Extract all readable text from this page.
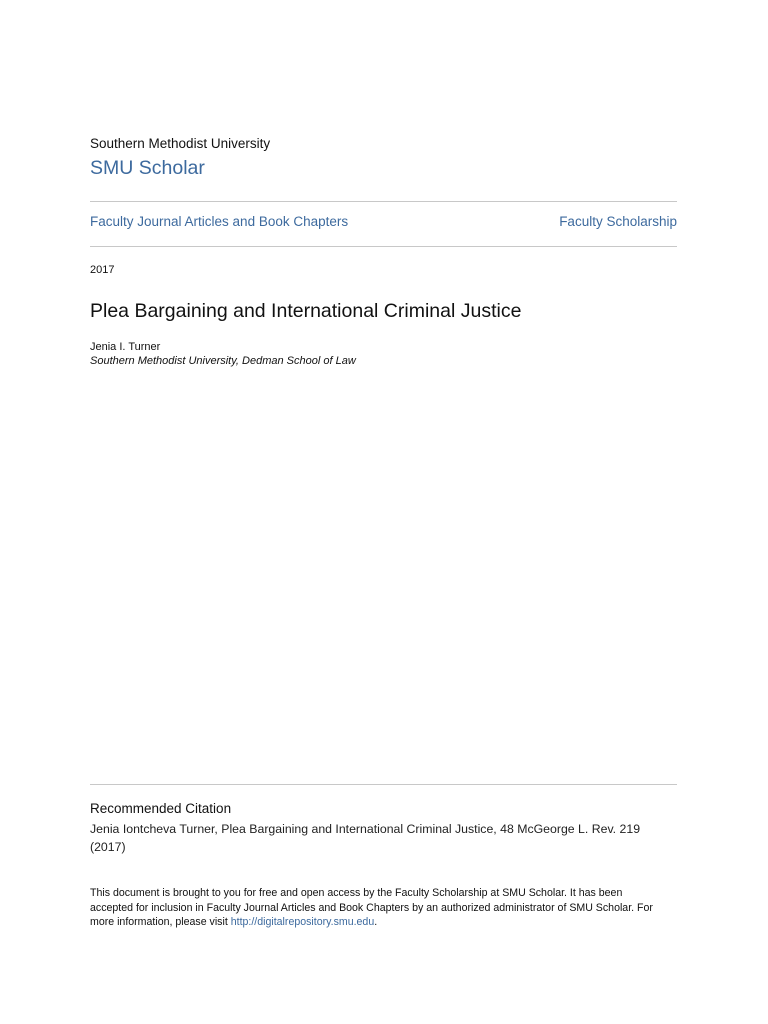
Southern Methodist University
SMU Scholar
Faculty Journal Articles and Book Chapters	Faculty Scholarship
2017
Plea Bargaining and International Criminal Justice
Jenia I. Turner
Southern Methodist University, Dedman School of Law
Recommended Citation
Jenia Iontcheva Turner, Plea Bargaining and International Criminal Justice, 48 McGeorge L. Rev. 219 (2017)
This document is brought to you for free and open access by the Faculty Scholarship at SMU Scholar. It has been accepted for inclusion in Faculty Journal Articles and Book Chapters by an authorized administrator of SMU Scholar. For more information, please visit http://digitalrepository.smu.edu.
